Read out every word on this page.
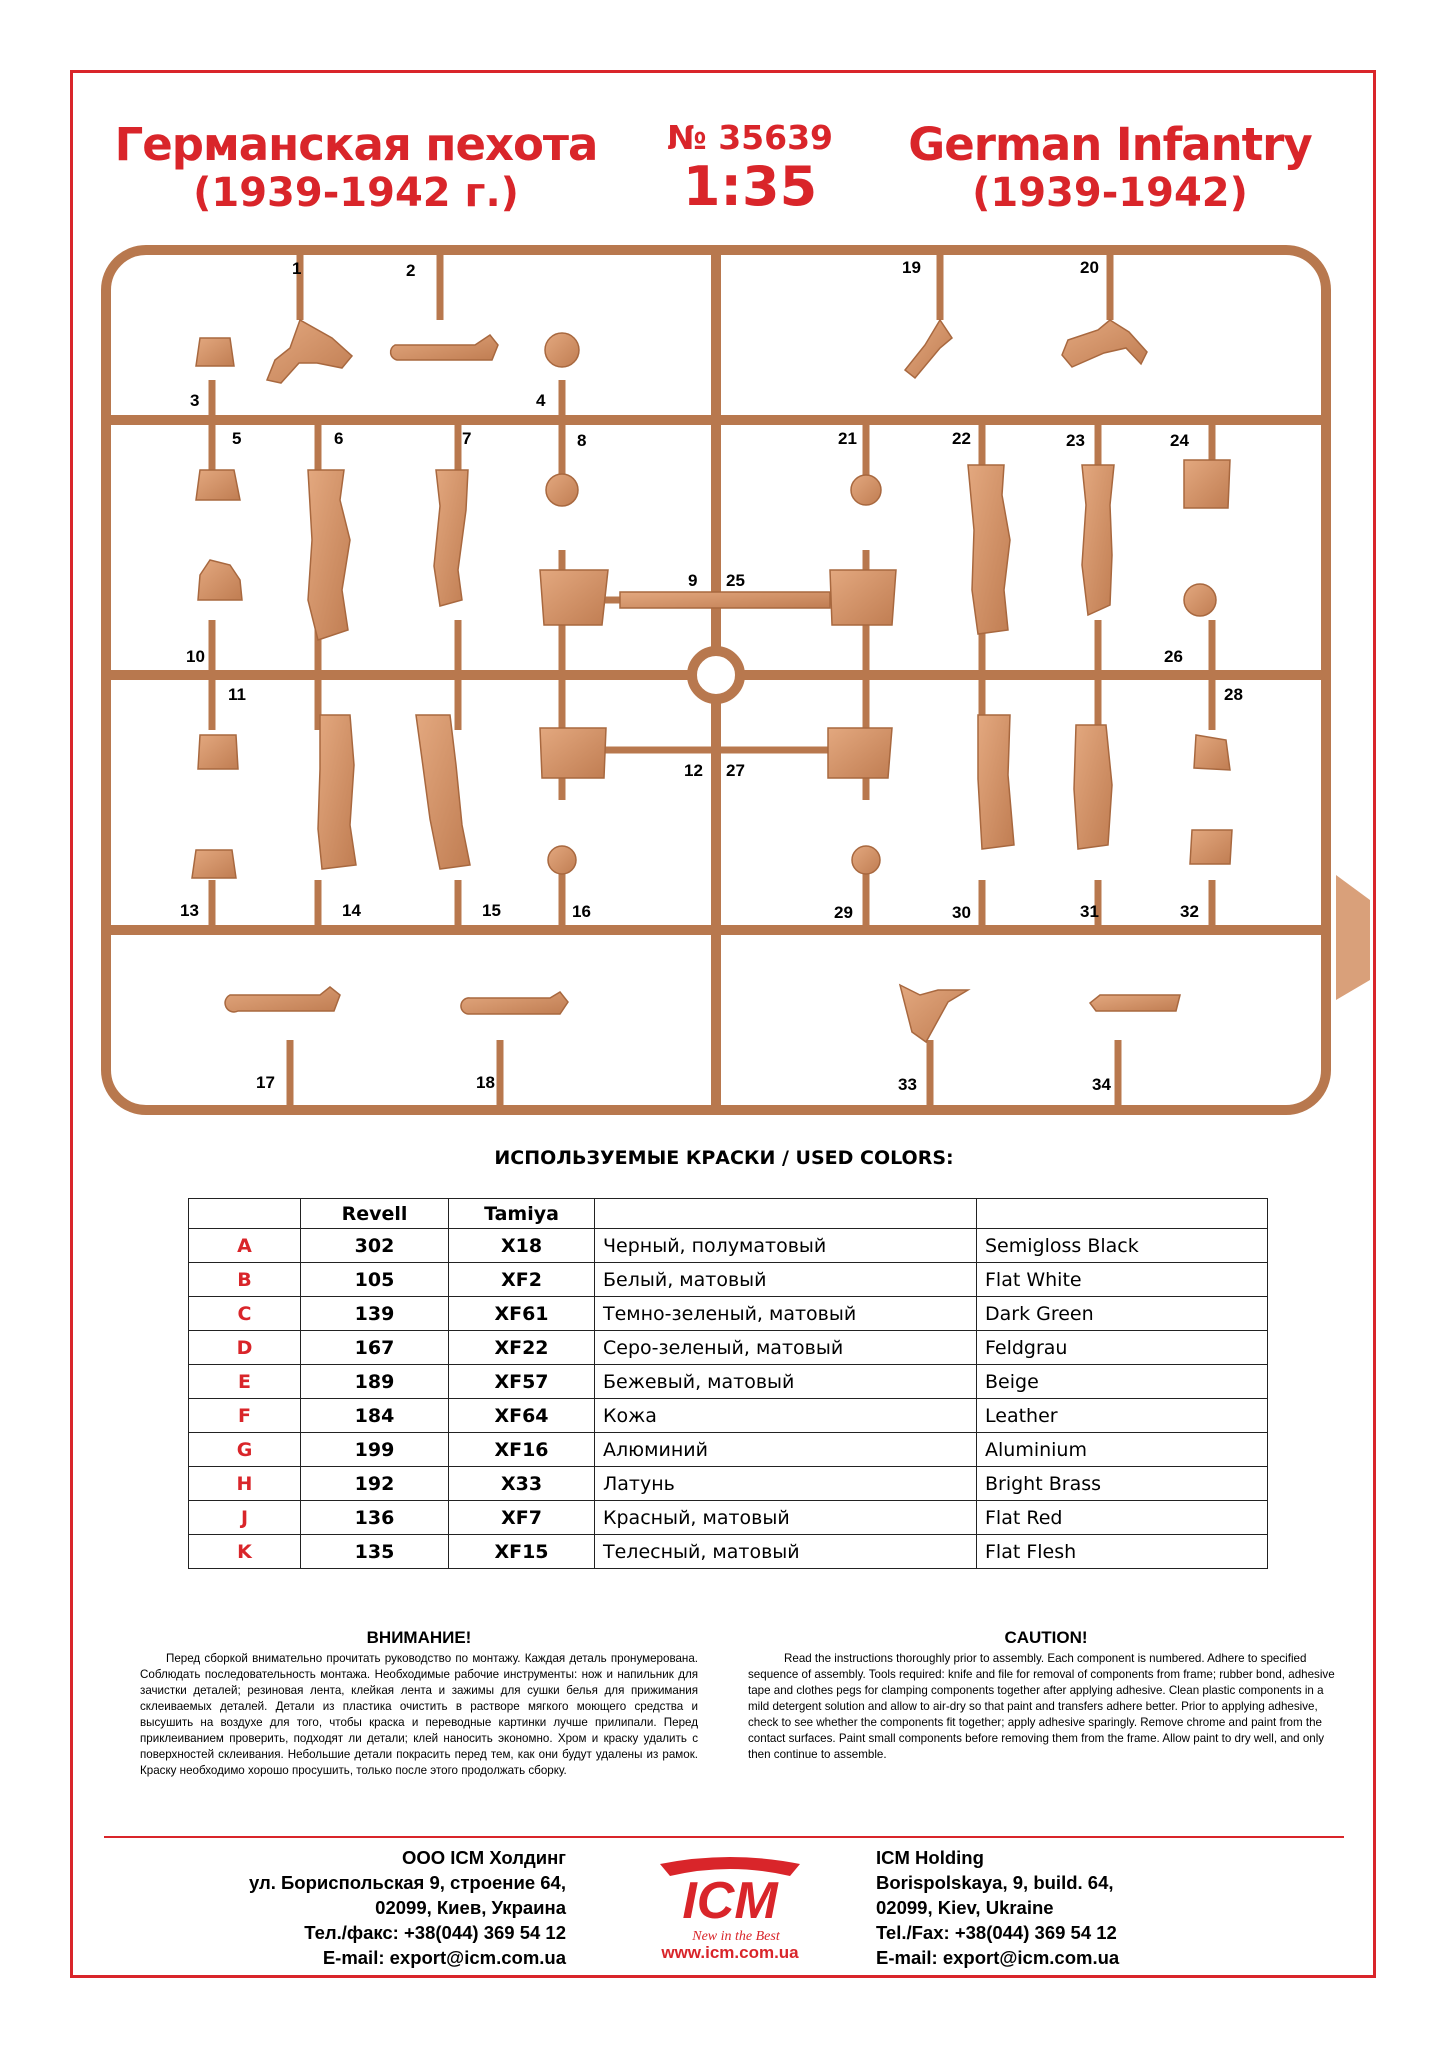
Германская пехота
(1939-1942 г.)
№ 35639
1:35
German Infantry
(1939-1942)
1	2
3	4
5	6	7	8
9
10
11
12
13	14	15	16
17	18
19	20
21	22	23	24
25
26
27
28
29	30	31	32
33	34
ИСПОЛЬЗУЕМЫЕ КРАСКИ / USED COLORS:
	Revell	Tamiya		
A	302	X18	Черный, полуматовый	Semigloss Black
B	105	XF2	Белый, матовый	Flat White
C	139	XF61	Темно-зеленый, матовый	Dark Green
D	167	XF22	Серо-зеленый, матовый	Feldgrau
E	189	XF57	Бежевый, матовый	Beige
F	184	XF64	Кожа	Leather
G	199	XF16	Алюминий	Aluminium
H	192	X33	Латунь	Bright Brass
J	136	XF7	Красный, матовый	Flat Red
K	135	XF15	Телесный, матовый	Flat Flesh
ВНИМАНИЕ!
Перед сборкой внимательно прочитать руководство по монтажу. Каждая деталь пронумерована. Соблюдать последовательность монтажа. Необходимые рабочие инструменты: нож и напильник для зачистки деталей; резиновая лента, клейкая лента и зажимы для сушки белья для прижимания склеиваемых деталей. Детали из пластика очистить в растворе мягкого моющего средства и высушить на воздухе для того, чтобы краска и переводные картинки лучше прилипали. Перед приклеиванием проверить, подходят ли детали; клей наносить экономно. Хром и краску удалить с поверхностей склеивания. Небольшие детали покрасить перед тем, как они будут удалены из рамок. Краску необходимо хорошо просушить, только после этого продолжать сборку.
CAUTION!
Read the instructions thoroughly prior to assembly. Each component is numbered. Adhere to specified sequence of assembly. Tools required: knife and file for removal of components from frame; rubber bond, adhesive tape and clothes pegs for clamping components together after applying adhesive. Clean plastic components in a mild detergent solution and allow to air-dry so that paint and transfers adhere better. Prior to applying adhesive, check to see whether the components fit together; apply adhesive sparingly. Remove chrome and paint from the contact surfaces. Paint small components before removing them from the frame. Allow paint to dry well, and only then continue to assemble.
ООО ICM Холдинг
ул. Бориспольская 9, строение 64,
02099, Киев, Украина
Тел./факс: +38(044) 369 54 12
E-mail: export@icm.com.ua
ICM
New in the Best
www.icm.com.ua
ICM Holding
Borispolskaya, 9, build. 64,
02099, Kiev, Ukraine
Tel./Fax: +38(044) 369 54 12
E-mail: export@icm.com.ua
